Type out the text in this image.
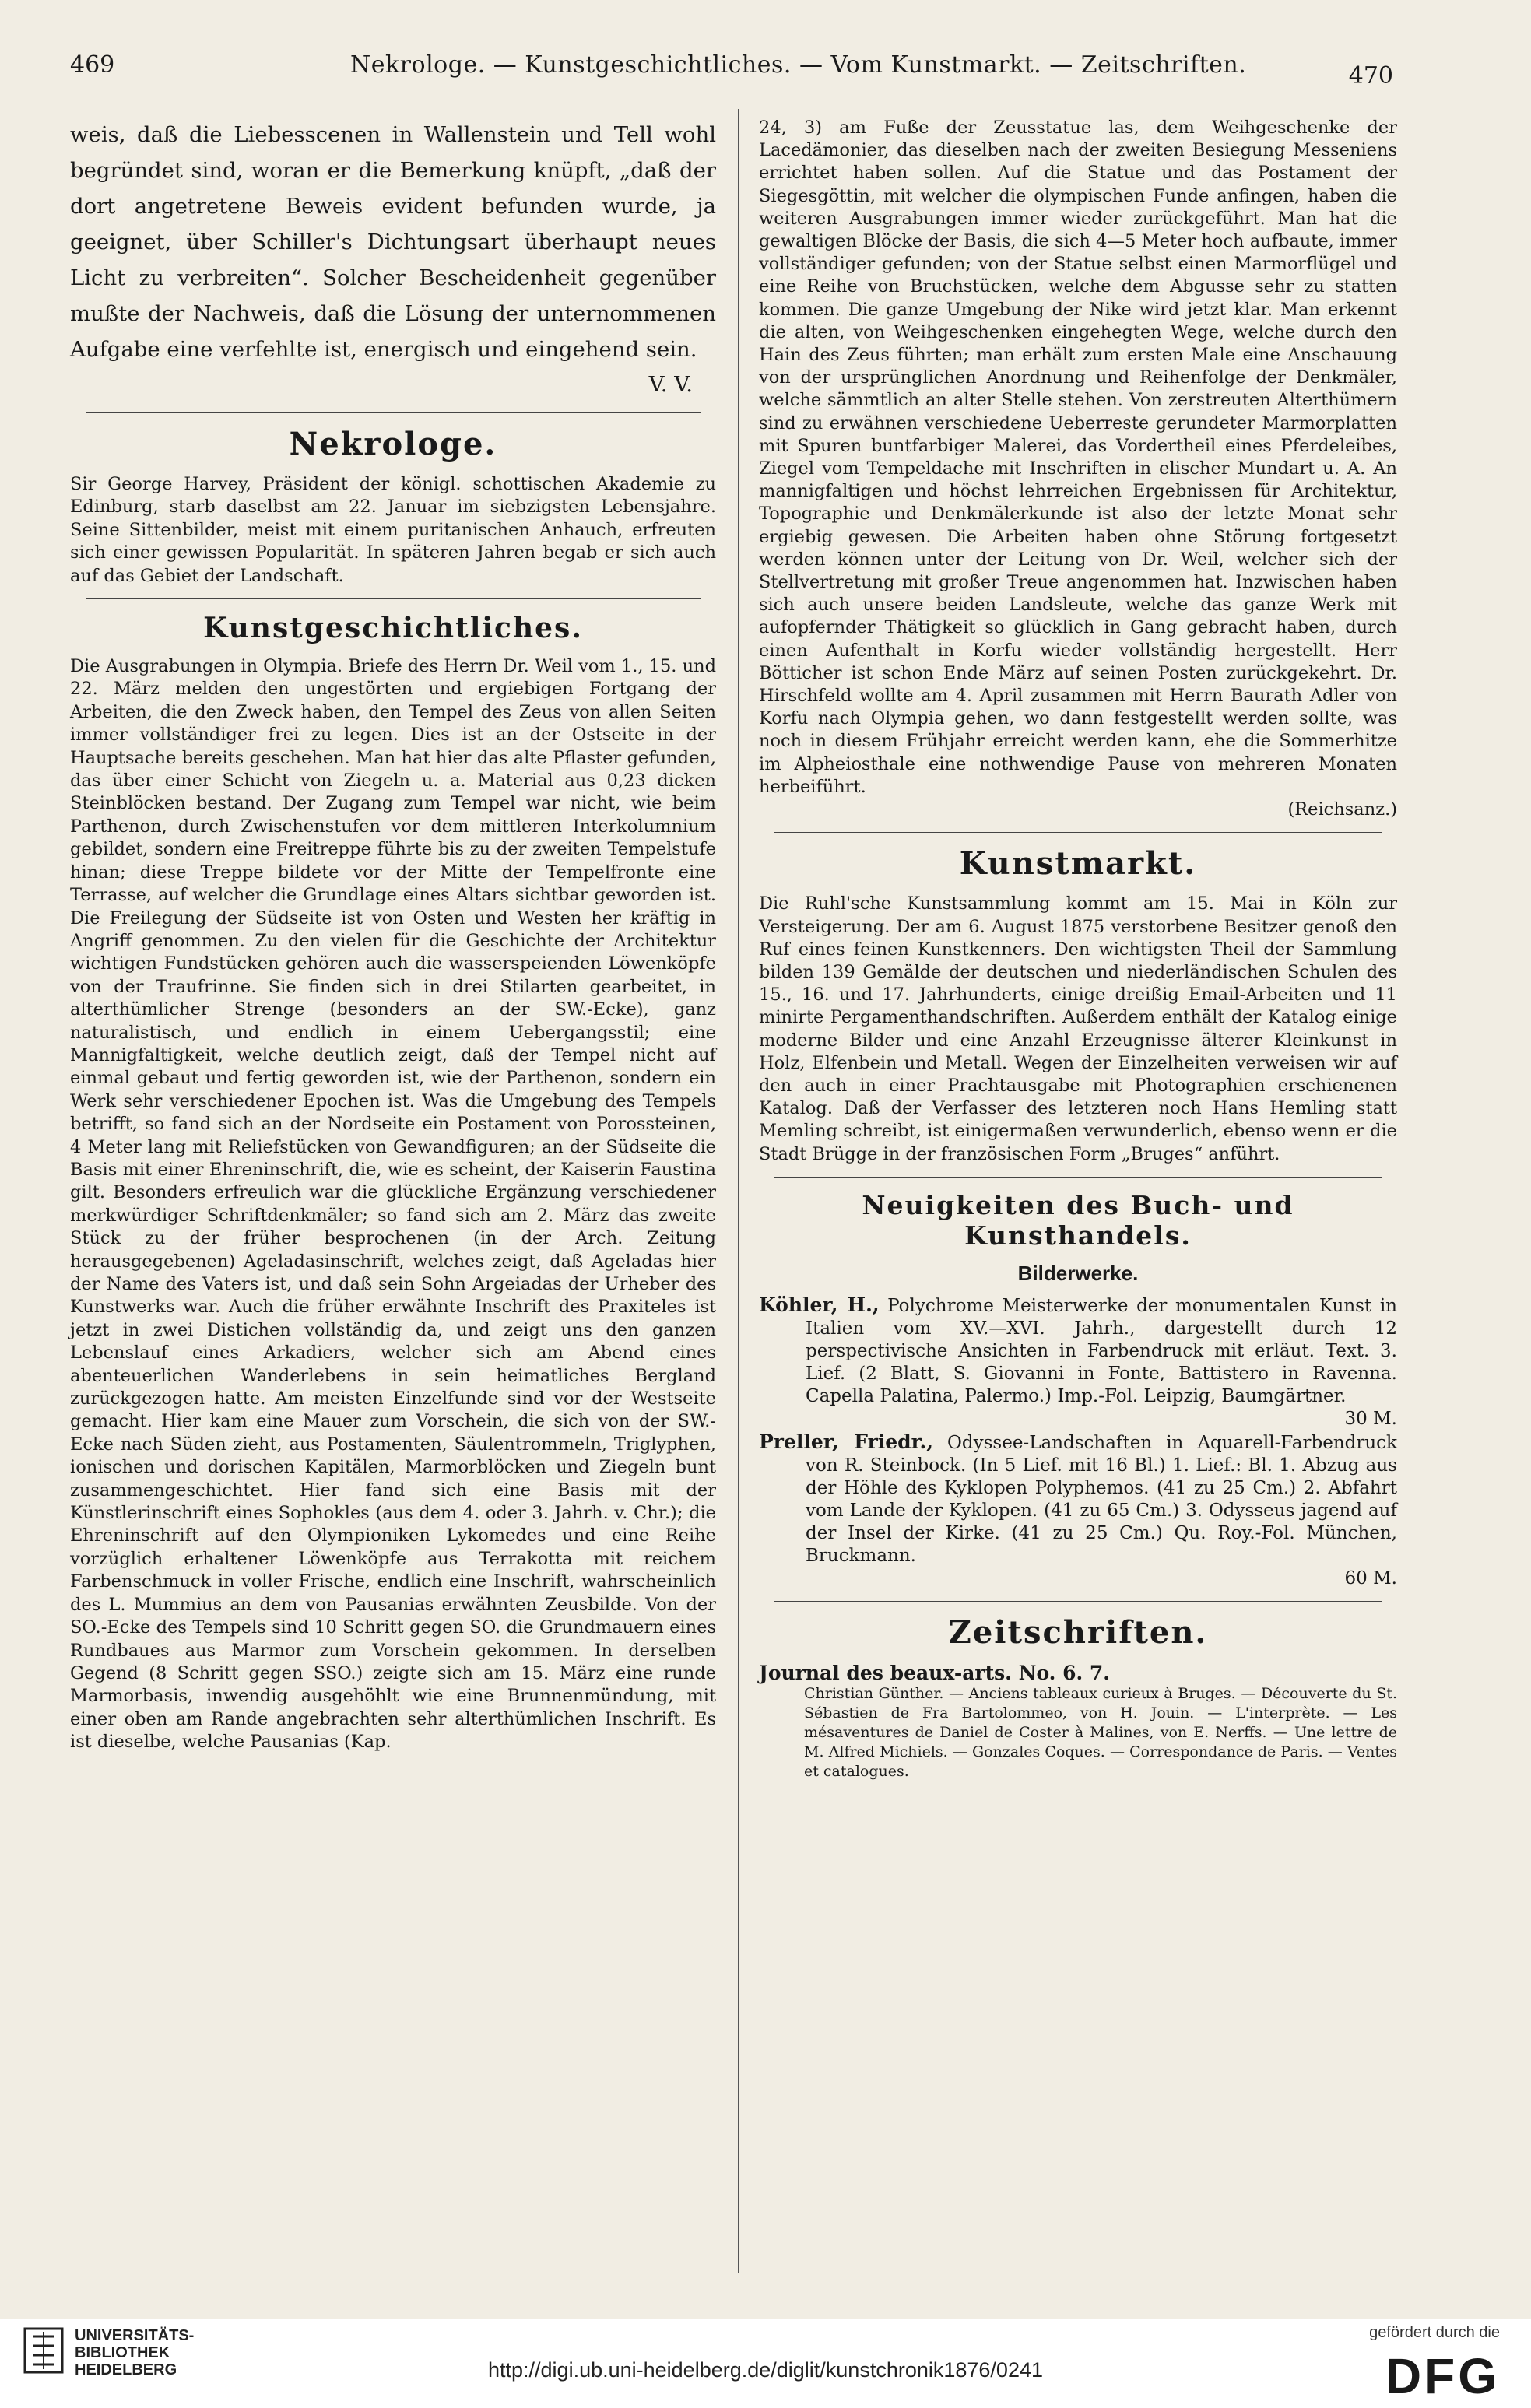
469	Nekrologe. — Kunstgeschichtliches. — Vom Kunstmarkt. — Zeitschriften.	470

weis, daß die Liebesscenen in Wallenstein und Tell wohl begründet sind, woran er die Bemerkung knüpft, „daß der dort angetretene Beweis evident befunden wurde, ja geeignet, über Schiller's Dichtungsart überhaupt neues Licht zu verbreiten“. Solcher Bescheidenheit gegenüber mußte der Nachweis, daß die Lösung der unternommenen Aufgabe eine verfehlte ist, energisch und eingehend sein.

V. V.

Nekrologe.

Sir George Harvey, Präsident der königl. schottischen Akademie zu Edinburg, starb daselbst am 22. Januar im siebzigsten Lebensjahre. Seine Sittenbilder, meist mit einem puritanischen Anhauch, erfreuten sich einer gewissen Popularität. In späteren Jahren begab er sich auch auf das Gebiet der Landschaft.

Kunstgeschichtliches.

Die Ausgrabungen in Olympia. Briefe des Herrn Dr. Weil vom 1., 15. und 22. März melden den ungestörten und ergiebigen Fortgang der Arbeiten, die den Zweck haben, den Tempel des Zeus von allen Seiten immer vollständiger frei zu legen. Dies ist an der Ostseite in der Hauptsache bereits geschehen. Man hat hier das alte Pflaster gefunden, das über einer Schicht von Ziegeln u. a. Material aus 0,23 dicken Steinblöcken bestand. Der Zugang zum Tempel war nicht, wie beim Parthenon, durch Zwischenstufen vor dem mittleren Interkolumnium gebildet, sondern eine Freitreppe führte bis zu der zweiten Tempelstufe hinan; diese Treppe bildete vor der Mitte der Tempelfronte eine Terrasse, auf welcher die Grundlage eines Altars sichtbar geworden ist. Die Freilegung der Südseite ist von Osten und Westen her kräftig in Angriff genommen. Zu den vielen für die Geschichte der Architektur wichtigen Fundstücken gehören auch die wasserspeienden Löwenköpfe von der Traufrinne. Sie finden sich in drei Stilarten gearbeitet, in alterthümlicher Strenge (besonders an der SW.-Ecke), ganz naturalistisch, und endlich in einem Uebergangsstil; eine Mannigfaltigkeit, welche deutlich zeigt, daß der Tempel nicht auf einmal gebaut und fertig geworden ist, wie der Parthenon, sondern ein Werk sehr verschiedener Epochen ist. Was die Umgebung des Tempels betrifft, so fand sich an der Nordseite ein Postament von Porossteinen, 4 Meter lang mit Reliefstücken von Gewandfiguren; an der Südseite die Basis mit einer Ehreninschrift, die, wie es scheint, der Kaiserin Faustina gilt. Besonders erfreulich war die glückliche Ergänzung verschiedener merkwürdiger Schriftdenkmäler; so fand sich am 2. März das zweite Stück zu der früher besprochenen (in der Arch. Zeitung herausgegebenen) Ageladasinschrift, welches zeigt, daß Ageladas hier der Name des Vaters ist, und daß sein Sohn Argeiadas der Urheber des Kunstwerks war. Auch die früher erwähnte Inschrift des Praxiteles ist jetzt in zwei Distichen vollständig da, und zeigt uns den ganzen Lebenslauf eines Arkadiers, welcher sich am Abend eines abenteuerlichen Wanderlebens in sein heimatliches Bergland zurückgezogen hatte. Am meisten Einzelfunde sind vor der Westseite gemacht. Hier kam eine Mauer zum Vorschein, die sich von der SW.-Ecke nach Süden zieht, aus Postamenten, Säulentrommeln, Triglyphen, ionischen und dorischen Kapitälen, Marmorblöcken und Ziegeln bunt zusammengeschichtet. Hier fand sich eine Basis mit der Künstlerinschrift eines Sophokles (aus dem 4. oder 3. Jahrh. v. Chr.); die Ehreninschrift auf den Olympioniken Lykomedes und eine Reihe vorzüglich erhaltener Löwenköpfe aus Terrakotta mit reichem Farbenschmuck in voller Frische, endlich eine Inschrift, wahrscheinlich des L. Mummius an dem von Pausanias erwähnten Zeusbilde. Von der SO.-Ecke des Tempels sind 10 Schritt gegen SO. die Grundmauern eines Rundbaues aus Marmor zum Vorschein gekommen. In derselben Gegend (8 Schritt gegen SSO.) zeigte sich am 15. März eine runde Marmorbasis, inwendig ausgehöhlt wie eine Brunnenmündung, mit einer oben am Rande angebrachten sehr alterthümlichen Inschrift. Es ist dieselbe, welche Pausanias (Kap.

24, 3) am Fuße der Zeusstatue las, dem Weihgeschenke der Lacedämonier, das dieselben nach der zweiten Besiegung Messeniens errichtet haben sollen. Auf die Statue und das Postament der Siegesgöttin, mit welcher die olympischen Funde anfingen, haben die weiteren Ausgrabungen immer wieder zurückgeführt. Man hat die gewaltigen Blöcke der Basis, die sich 4—5 Meter hoch aufbaute, immer vollständiger gefunden; von der Statue selbst einen Marmorflügel und eine Reihe von Bruchstücken, welche dem Abgusse sehr zu statten kommen. Die ganze Umgebung der Nike wird jetzt klar. Man erkennt die alten, von Weihgeschenken eingehegten Wege, welche durch den Hain des Zeus führten; man erhält zum ersten Male eine Anschauung von der ursprünglichen Anordnung und Reihenfolge der Denkmäler, welche sämmtlich an alter Stelle stehen. Von zerstreuten Alterthümern sind zu erwähnen verschiedene Ueberreste gerundeter Marmorplatten mit Spuren buntfarbiger Malerei, das Vordertheil eines Pferdeleibes, Ziegel vom Tempeldache mit Inschriften in elischer Mundart u. A. An mannigfaltigen und höchst lehrreichen Ergebnissen für Architektur, Topographie und Denkmälerkunde ist also der letzte Monat sehr ergiebig gewesen. Die Arbeiten haben ohne Störung fortgesetzt werden können unter der Leitung von Dr. Weil, welcher sich der Stellvertretung mit großer Treue angenommen hat. Inzwischen haben sich auch unsere beiden Landsleute, welche das ganze Werk mit aufopfernder Thätigkeit so glücklich in Gang gebracht haben, durch einen Aufenthalt in Korfu wieder vollständig hergestellt. Herr Bötticher ist schon Ende März auf seinen Posten zurückgekehrt. Dr. Hirschfeld wollte am 4. April zusammen mit Herrn Baurath Adler von Korfu nach Olympia gehen, wo dann festgestellt werden sollte, was noch in diesem Frühjahr erreicht werden kann, ehe die Sommerhitze im Alpheiosthale eine nothwendige Pause von mehreren Monaten herbeiführt.

(Reichsanz.)

Kunstmarkt.

Die Ruhl'sche Kunstsammlung kommt am 15. Mai in Köln zur Versteigerung. Der am 6. August 1875 verstorbene Besitzer genoß den Ruf eines feinen Kunstkenners. Den wichtigsten Theil der Sammlung bilden 139 Gemälde der deutschen und niederländischen Schulen des 15., 16. und 17. Jahrhunderts, einige dreißig Email-Arbeiten und 11 minirte Pergamenthandschriften. Außerdem enthält der Katalog einige moderne Bilder und eine Anzahl Erzeugnisse älterer Kleinkunst in Holz, Elfenbein und Metall. Wegen der Einzelheiten verweisen wir auf den auch in einer Prachtausgabe mit Photographien erschienenen Katalog. Daß der Verfasser des letzteren noch Hans Hemling statt Memling schreibt, ist einigermaßen verwunderlich, ebenso wenn er die Stadt Brügge in der französischen Form „Bruges“ anführt.

Neuigkeiten des Buch- und Kunsthandels.
Bilderwerke.

Köhler, H., Polychrome Meisterwerke der monumentalen Kunst in Italien vom XV.—XVI. Jahrh., dargestellt durch 12 perspectivische Ansichten in Farbendruck mit erläut. Text. 3. Lief. (2 Blatt, S. Giovanni in Fonte, Battistero in Ravenna. Capella Palatina, Palermo.) Imp.-Fol. Leipzig, Baumgärtner.
30 M.

Preller, Friedr., Odyssee-Landschaften in Aquarell-Farbendruck von R. Steinbock. (In 5 Lief. mit 16 Bl.) 1. Lief.: Bl. 1. Abzug aus der Höhle des Kyklopen Polyphemos. (41 zu 25 Cm.) 2. Abfahrt vom Lande der Kyklopen. (41 zu 65 Cm.) 3. Odysseus jagend auf der Insel der Kirke. (41 zu 25 Cm.) Qu. Roy.-Fol. München, Bruckmann.
60 M.

Zeitschriften.

Journal des beaux-arts. No. 6. 7.

Christian Günther. — Anciens tableaux curieux à Bruges. — Découverte du St. Sébastien de Fra Bartolommeo, von H. Jouin. — L'interprète. — Les mésaventures de Daniel de Coster à Malines, von E. Nerffs. — Une lettre de M. Alfred Michiels. — Gonzales Coques. — Correspondance de Paris. — Ventes et catalogues.

UNIVERSITÄTS-
BIBLIOTHEK
HEIDELBERG	http://digi.ub.uni-heidelberg.de/diglit/kunstchronik1876/0241
gefördert durch die
DFG
